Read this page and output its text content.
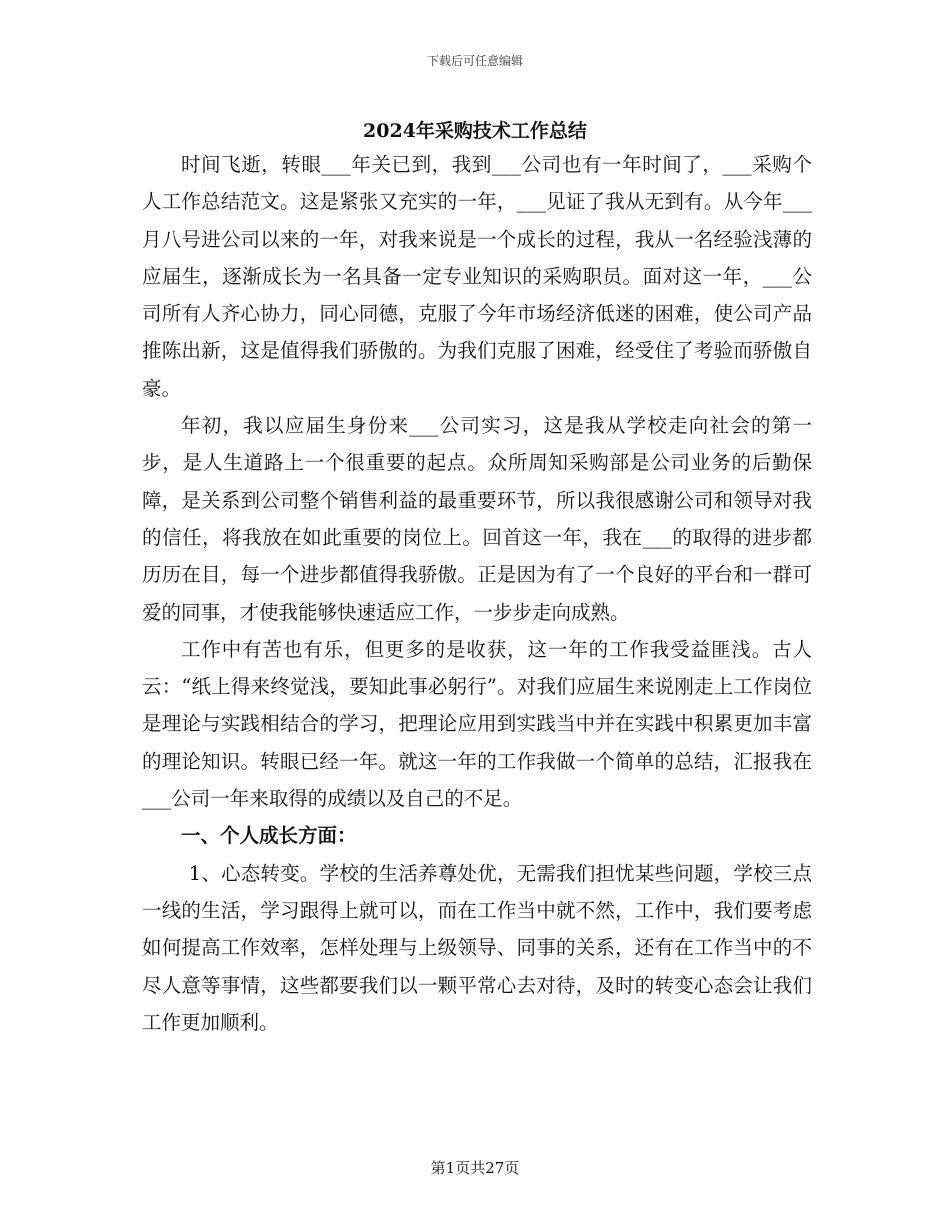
下载后可任意编辑
2024年采购技术工作总结

时间飞逝，转眼___年关已到，我到___公司也有一年时间了，___采购个人工作总结范文。这是紧张又充实的一年，___见证了我从无到有。从今年___月八号进公司以来的一年，对我来说是一个成长的过程，我从一名经验浅薄的应届生，逐渐成长为一名具备一定专业知识的采购职员。面对这一年，___公司所有人齐心协力，同心同德，克服了今年市场经济低迷的困难，使公司产品推陈出新，这是值得我们骄傲的。为我们克服了困难，经受住了考验而骄傲自豪。

年初，我以应届生身份来___公司实习，这是我从学校走向社会的第一步，是人生道路上一个很重要的起点。众所周知采购部是公司业务的后勤保障，是关系到公司整个销售利益的最重要环节，所以我很感谢公司和领导对我的信任，将我放在如此重要的岗位上。回首这一年，我在___的取得的进步都历历在目，每一个进步都值得我骄傲。正是因为有了一个良好的平台和一群可爱的同事，才使我能够快速适应工作，一步步走向成熟。

工作中有苦也有乐，但更多的是收获，这一年的工作我受益匪浅。古人云：“纸上得来终觉浅，要知此事必躬行”。对我们应届生来说刚走上工作岗位是理论与实践相结合的学习，把理论应用到实践当中并在实践中积累更加丰富的理论知识。转眼已经一年。就这一年的工作我做一个简单的总结，汇报我在___公司一年来取得的成绩以及自己的不足。

一、个人成长方面：

1、心态转变。学校的生活养尊处优，无需我们担忧某些问题，学校三点一线的生活，学习跟得上就可以，而在工作当中就不然，工作中，我们要考虑如何提高工作效率，怎样处理与上级领导、同事的关系，还有在工作当中的不尽人意等事情，这些都要我们以一颗平常心去对待，及时的转变心态会让我们工作更加顺利。

第1页共27页
